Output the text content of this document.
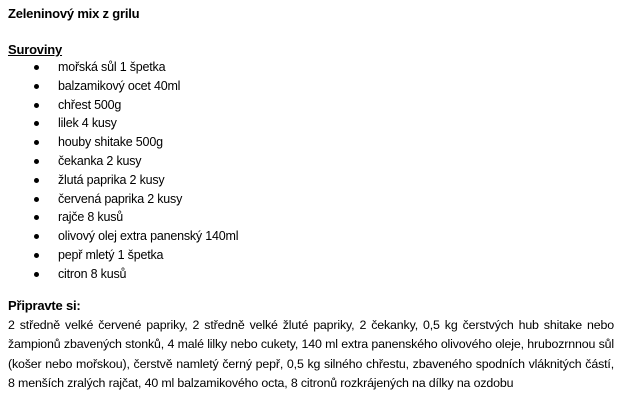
Zeleninový mix z grilu
Suroviny
mořská sůl 1 špetka
balzamikový ocet 40ml
chřest 500g
lilek 4 kusy
houby shitake 500g
čekanka 2 kusy
žlutá paprika 2 kusy
červená paprika 2 kusy
rajče 8 kusů
olivový olej extra panenský 140ml
pepř mletý 1 špetka
citron 8 kusů
Připravte si:

2 středně velké červené papriky, 2 středně velké žluté papriky, 2 čekanky, 0,5 kg čerstvých hub shitake nebo žampionů zbavených stonků, 4 malé lilky nebo cukety, 140 ml extra panenského olivového oleje, hrubozrnnou sůl (košer nebo mořskou), čerstvě namletý černý pepř, 0,5 kg silného chřestu, zbaveného spodních vláknitých částí, 8 menších zralých rajčat, 40 ml balzamikového octa, 8 citronů rozkrájených na dílky na ozdobu
